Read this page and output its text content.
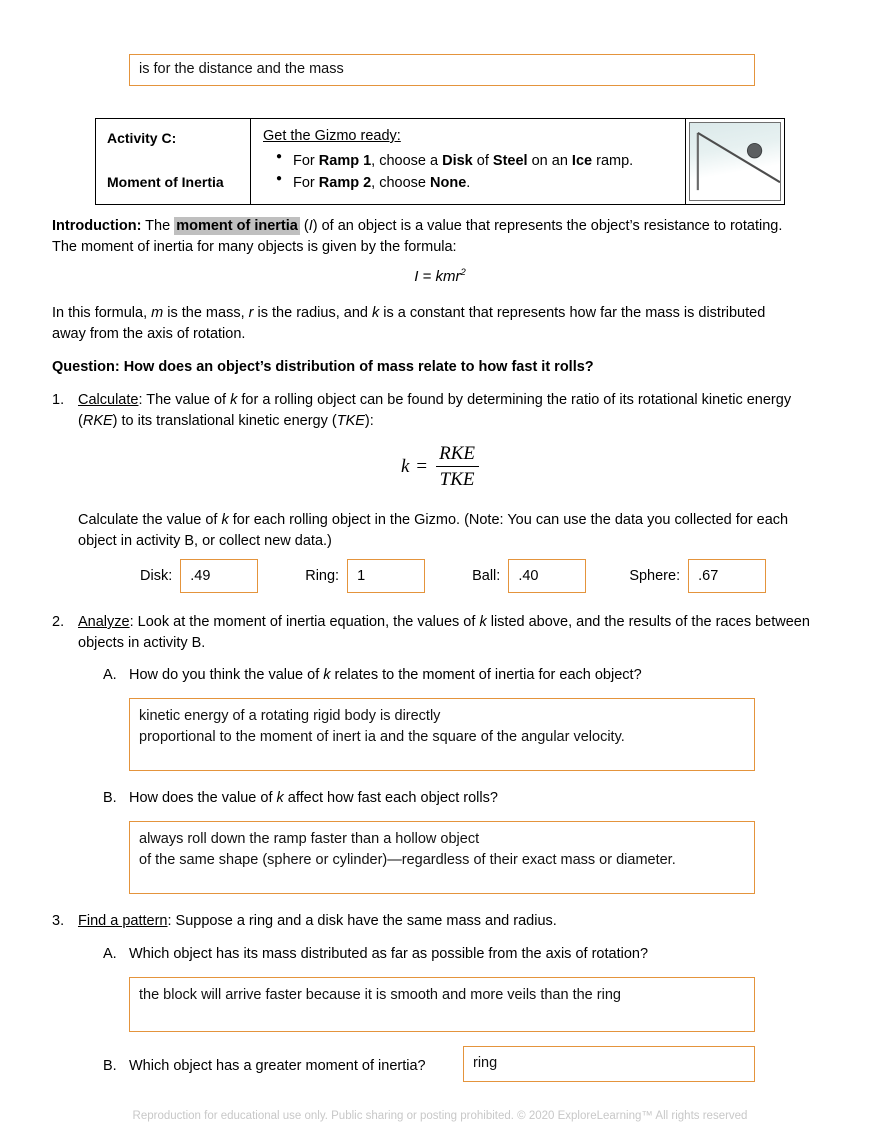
is for the distance and the mass
Activity C:
Moment of Inertia
Get the Gizmo ready:
● For Ramp 1, choose a Disk of Steel on an Ice ramp.
● For Ramp 2, choose None.
Introduction: The moment of inertia (I) of an object is a value that represents the object’s resistance to rotating. The moment of inertia for many objects is given by the formula:
I = kmr$^2$
In this formula, m is the mass, r is the radius, and k is a constant that represents how far the mass is distributed away from the axis of rotation.
Question: How does an object’s distribution of mass relate to how fast it rolls?
1. Calculate: The value of k for a rolling object can be found by determining the ratio of its rotational kinetic energy (RKE) to its translational kinetic energy (TKE):
$k = \frac{\text{RKE}}{\text{TKE}}$
Calculate the value of k for each rolling object in the Gizmo. (Note: You can use the data you collected for each object in activity B, or collect new data.)
Disk: .49	Ring: 1	Ball: .40	Sphere: .67
2. Analyze: Look at the moment of inertia equation, the values of k listed above, and the results of the races between objects in activity B.
A. How do you think the value of k relates to the moment of inertia for each object?
kinetic energy of a rotating rigid body is directly
proportional to the moment of inert ia and the square of the angular velocity.
B. How does the value of k affect how fast each object rolls?
always roll down the ramp faster than a hollow object
of the same shape (sphere or cylinder)—regardless of their exact mass or diameter.
3. Find a pattern: Suppose a ring and a disk have the same mass and radius.
A. Which object has its mass distributed as far as possible from the axis of rotation?
the block will arrive faster because it is smooth and more veils than the ring
B. Which object has a greater moment of inertia?	ring
Reproduction for educational use only. Public sharing or posting prohibited. © 2020 ExploreLearning™ All rights reserved
